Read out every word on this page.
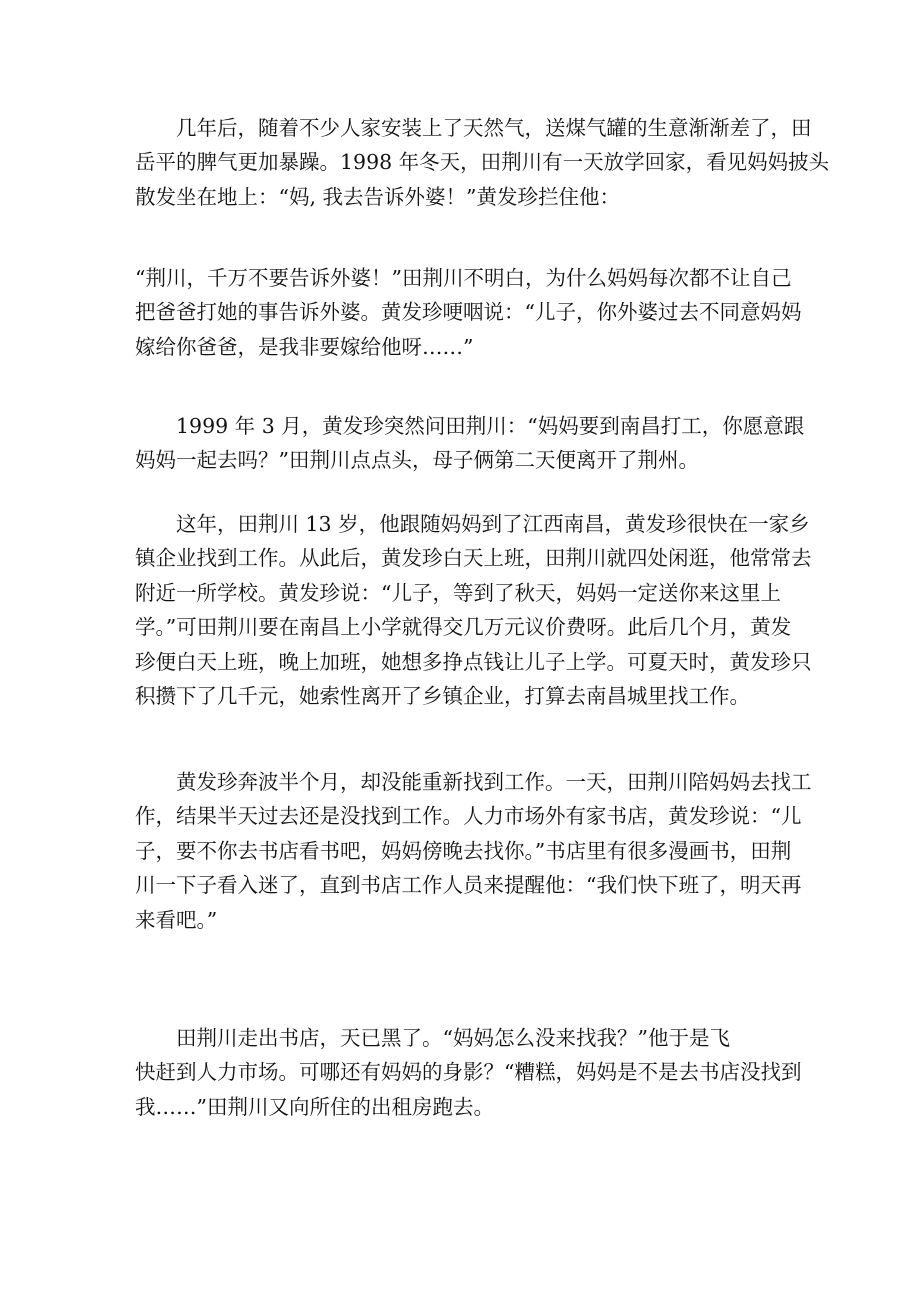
几年后，随着不少人家安装上了天然气，送煤气罐的生意渐渐差了，田
岳平的脾气更加暴躁。1998 年冬天，田荆川有一天放学回家，看见妈妈披头
散发坐在地上：“妈, 我去告诉外婆！”黄发珍拦住他：
“荆川，千万不要告诉外婆！”田荆川不明白，为什么妈妈每次都不让自己
把爸爸打她的事告诉外婆。黄发珍哽咽说：“儿子，你外婆过去不同意妈妈
嫁给你爸爸，是我非要嫁给他呀……”
1999 年 3 月，黄发珍突然问田荆川：“妈妈要到南昌打工，你愿意跟
妈妈一起去吗？”田荆川点点头，母子俩第二天便离开了荆州。
这年，田荆川 13 岁，他跟随妈妈到了江西南昌，黄发珍很快在一家乡
镇企业找到工作。从此后，黄发珍白天上班，田荆川就四处闲逛，他常常去
附近一所学校。黄发珍说：“儿子，等到了秋天，妈妈一定送你来这里上
学。”可田荆川要在南昌上小学就得交几万元议价费呀。此后几个月，黄发
珍便白天上班，晚上加班，她想多挣点钱让儿子上学。可夏天时，黄发珍只
积攒下了几千元，她索性离开了乡镇企业，打算去南昌城里找工作。
黄发珍奔波半个月，却没能重新找到工作。一天，田荆川陪妈妈去找工
作，结果半天过去还是没找到工作。人力市场外有家书店，黄发珍说：“儿
子，要不你去书店看书吧，妈妈傍晚去找你。”书店里有很多漫画书，田荆
川一下子看入迷了，直到书店工作人员来提醒他：“我们快下班了，明天再
来看吧。”
田荆川走出书店，天已黑了。“妈妈怎么没来找我？”他于是飞
快赶到人力市场。可哪还有妈妈的身影？“糟糕，妈妈是不是去书店没找到
我……”田荆川又向所住的出租房跑去。
